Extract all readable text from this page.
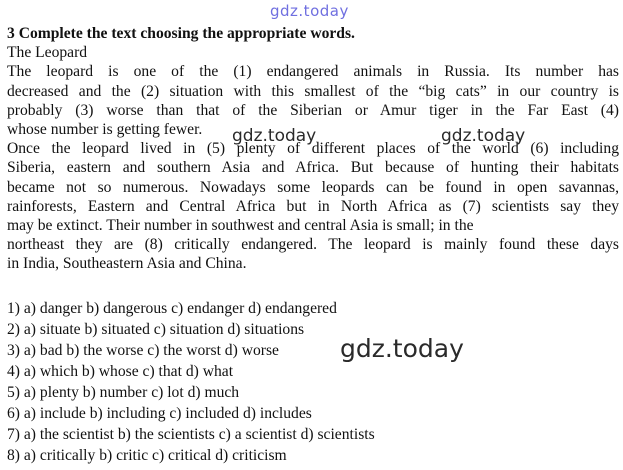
gdz.today
3 Complete the text choosing the appropriate words.
The Leopard
The leopard is one of the (1) endangered animals in Russia. Its number has
decreased and the (2) situation with this smallest of the “big cats” in our country is
probably (3) worse than that of the Siberian or Amur tiger in the Far East (4)
whose number is getting fewer.
Once the leopard lived in (5) plenty of different places of the world (6) including
Siberia, eastern and southern Asia and Africa. But because of hunting their habitats
became not so numerous. Nowadays some leopards can be found in open savannas,
rainforests, Eastern and Central Africa but in North Africa as (7) scientists say they
may be extinct. Their number in southwest and central Asia is small; in the
northeast they are (8) critically endangered. The leopard is mainly found these days
in India, Southeastern Asia and China.
1) a) danger b) dangerous c) endanger d) endangered
2) a) situate b) situated c) situation d) situations
3) a) bad b) the worse c) the worst d) worse
4) a) which b) whose c) that d) what
5) a) plenty b) number c) lot d) much
6) a) include b) including c) included d) includes
7) a) the scientist b) the scientists c) a scientist d) scientists
8) a) critically b) critic c) critical d) criticism
gdz.today	gdz.today
gdz.today
